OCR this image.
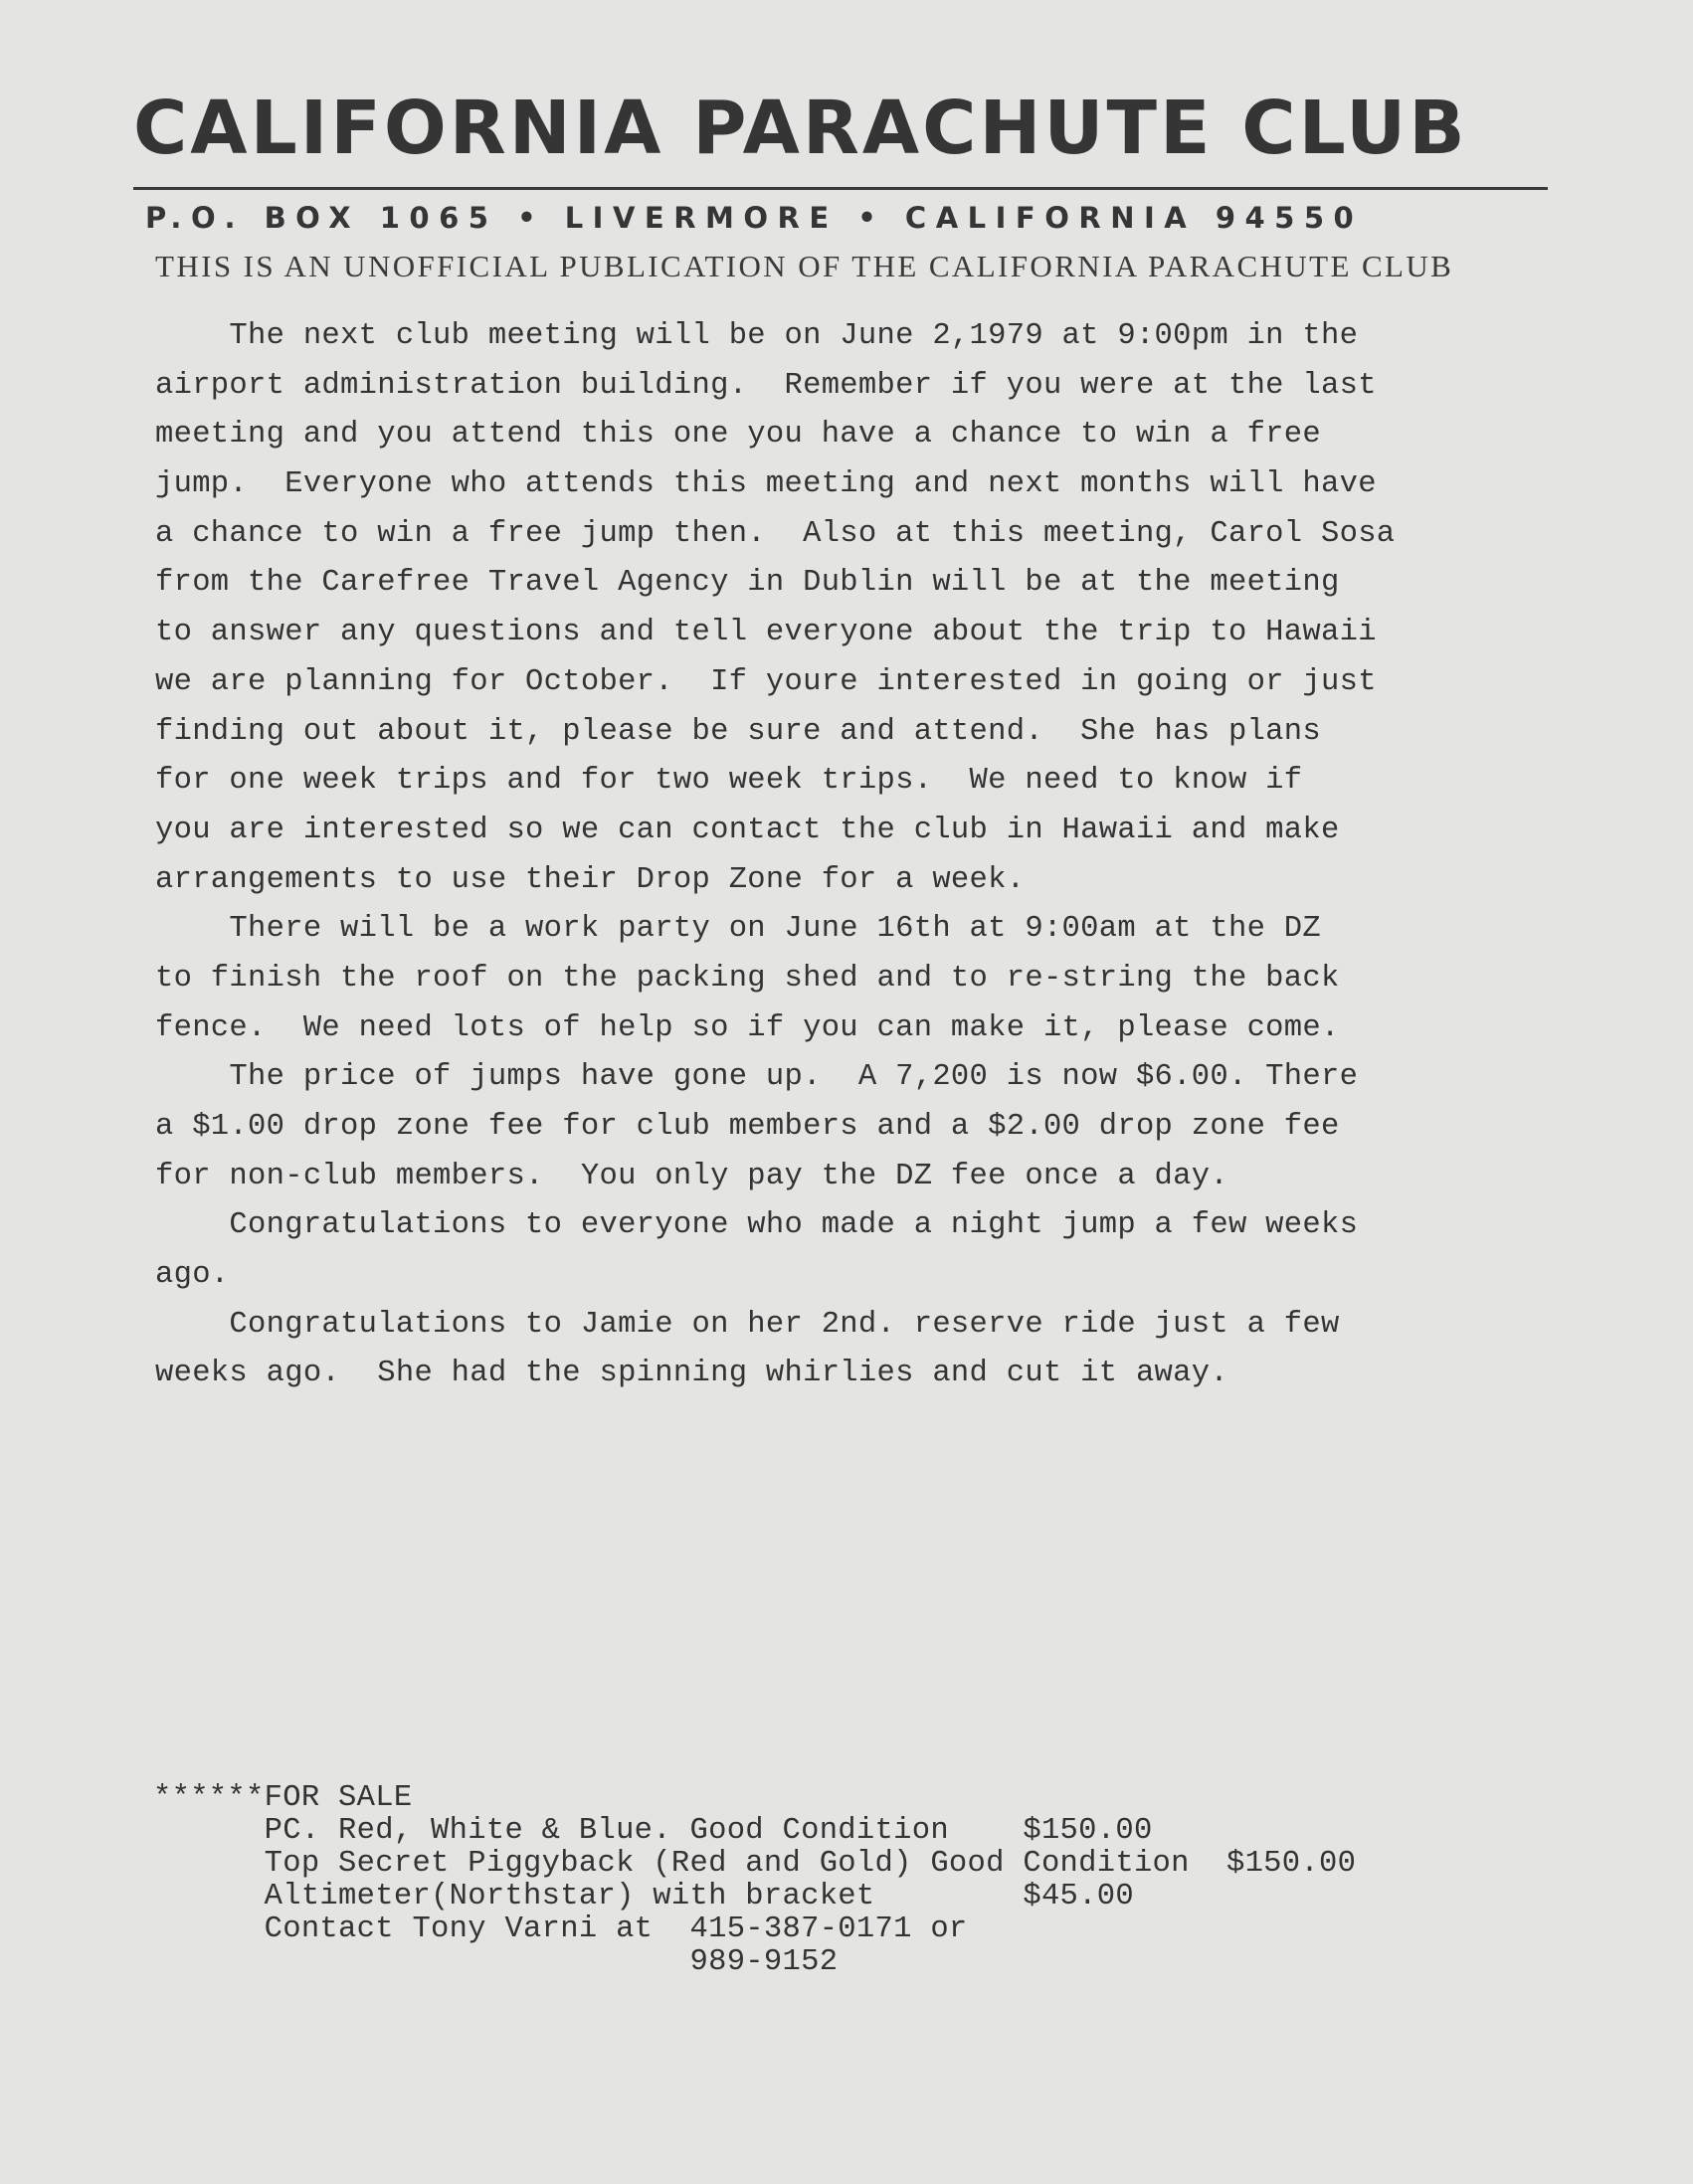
CALIFORNIA PARACHUTE CLUB
P.O. BOX 1065 • LIVERMORE • CALIFORNIA 94550
THIS IS AN UNOFFICIAL PUBLICATION OF THE CALIFORNIA PARACHUTE CLUB
The next club meeting will be on June 2,1979 at 9:00pm in the
airport administration building.  Remember if you were at the last
meeting and you attend this one you have a chance to win a free
jump.  Everyone who attends this meeting and next months will have
a chance to win a free jump then.  Also at this meeting, Carol Sosa
from the Carefree Travel Agency in Dublin will be at the meeting
to answer any questions and tell everyone about the trip to Hawaii
we are planning for October.  If youre interested in going or just
finding out about it, please be sure and attend.  She has plans
for one week trips and for two week trips.  We need to know if
you are interested so we can contact the club in Hawaii and make
arrangements to use their Drop Zone for a week.
There will be a work party on June 16th at 9:00am at the DZ
to finish the roof on the packing shed and to re-string the back
fence.  We need lots of help so if you can make it, please come.
The price of jumps have gone up.  A 7,200 is now $6.00. There
a $1.00 drop zone fee for club members and a $2.00 drop zone fee
for non-club members.  You only pay the DZ fee once a day.
Congratulations to everyone who made a night jump a few weeks
ago.
Congratulations to Jamie on her 2nd. reserve ride just a few
weeks ago.  She had the spinning whirlies and cut it away.
******FOR SALE
PC. Red, White & Blue. Good Condition    $150.00
Top Secret Piggyback (Red and Gold) Good Condition  $150.00
Altimeter(Northstar) with bracket        $45.00
Contact Tony Varni at  415-387-0171 or
989-9152
